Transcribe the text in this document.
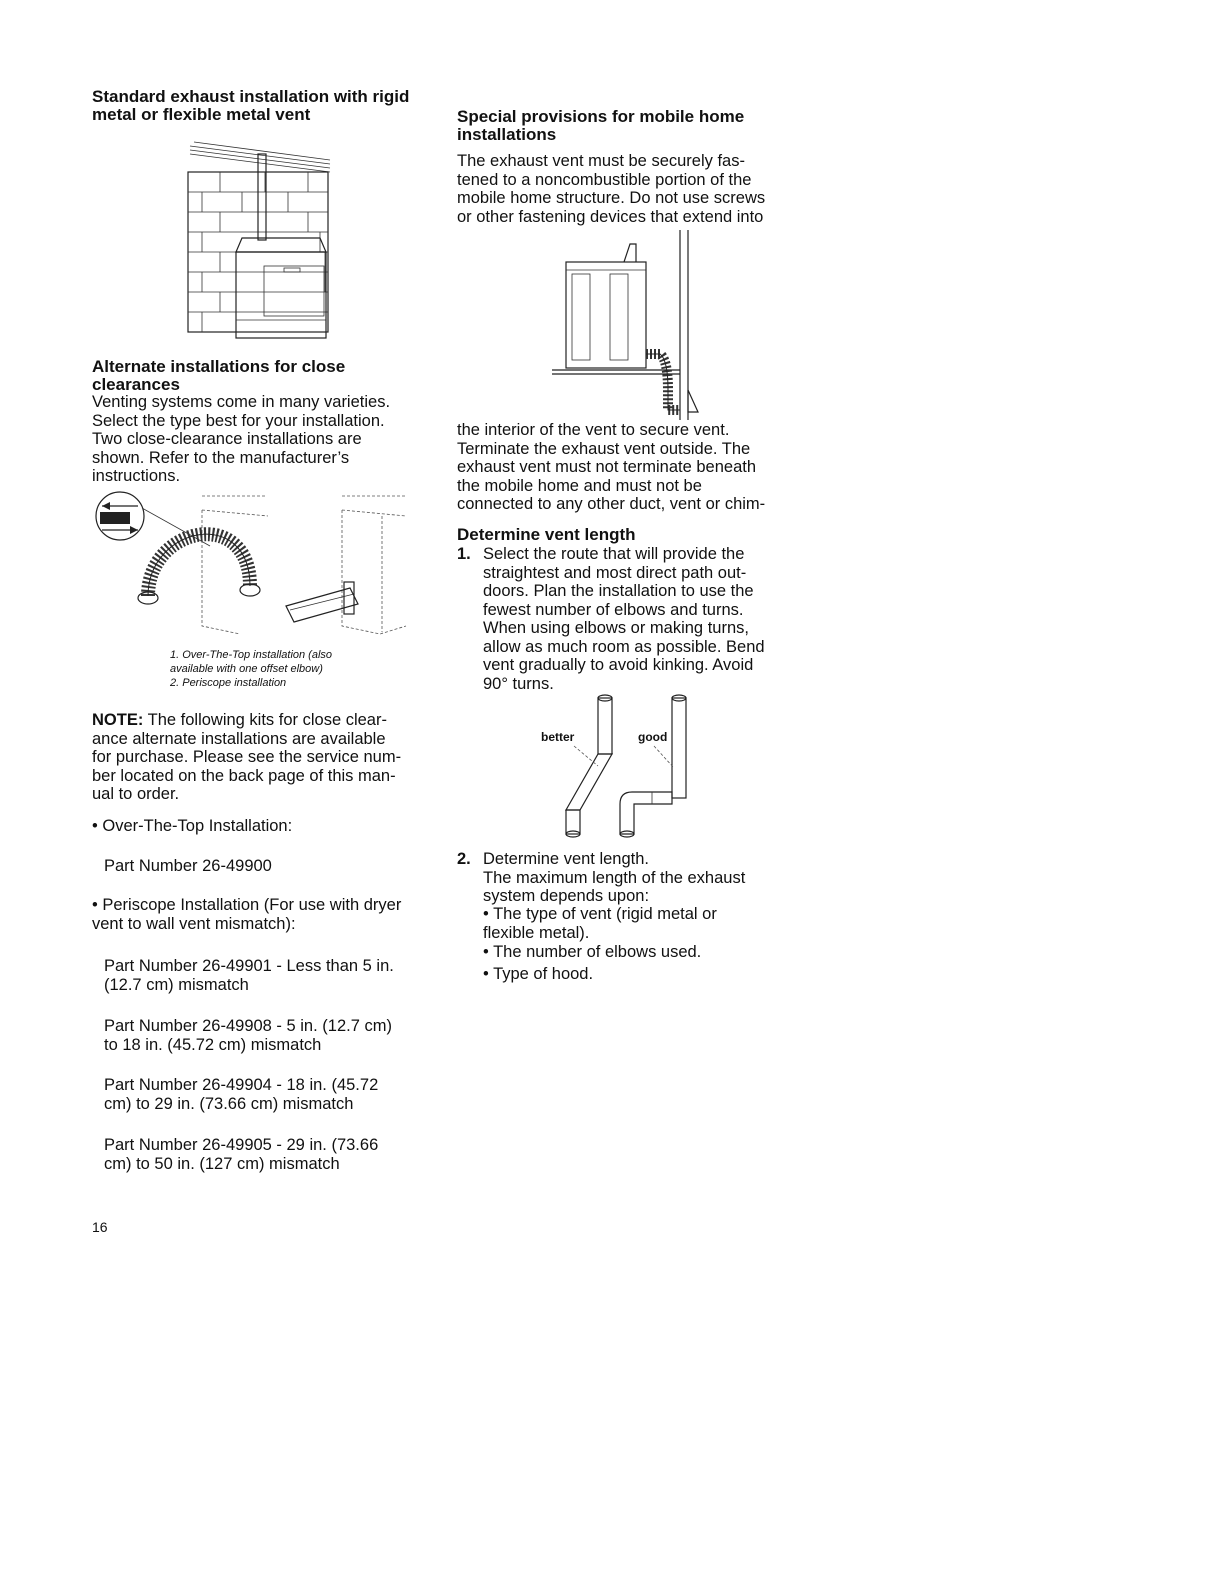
Standard exhaust installation with rigid
metal or flexible metal vent
Alternate installations for close
clearances

Venting systems come in many varieties.
Select the type best for your installation.
Two close-clearance installations are
shown. Refer to the manufacturer’s
instructions.

1. Over-The-Top installation (also
available with one offset elbow)

2. Periscope installation

NOTE: The following kits for close clear-
ance alternate installations are available
for purchase. Please see the service num-
ber located on the back page of this man-
ual to order.

• Over-The-Top Installation:

Part Number 26-49900

• Periscope Installation (For use with dryer
vent to wall vent mismatch):

Part Number 26-49901 - Less than 5 in.
(12.7 cm) mismatch

Part Number 26-49908 - 5 in. (12.7 cm)
to 18 in. (45.72 cm) mismatch

Part Number 26-49904 - 18 in. (45.72
cm) to 29 in. (73.66 cm) mismatch

Part Number 26-49905 - 29 in. (73.66
cm) to 50 in. (127 cm) mismatch

16
Special provisions for mobile home
installations

The exhaust vent must be securely fas-
tened to a noncombustible portion of the
mobile home structure. Do not use screws
or other fastening devices that extend into

the interior of the vent to secure vent.
Terminate the exhaust vent outside. The
exhaust vent must not terminate beneath
the mobile home and must not be
connected to any other duct, vent or chim-

Determine vent length
1. Select the route that will provide the
straightest and most direct path out-
doors. Plan the installation to use the
fewest number of elbows and turns.
When using elbows or making turns,
allow as much room as possible. Bend
vent gradually to avoid kinking. Avoid
90° turns.

better	good
2. Determine vent length.
The maximum length of the exhaust
system depends upon:

• The type of vent (rigid metal or
flexible metal).

• The number of elbows used.

• Type of hood.
